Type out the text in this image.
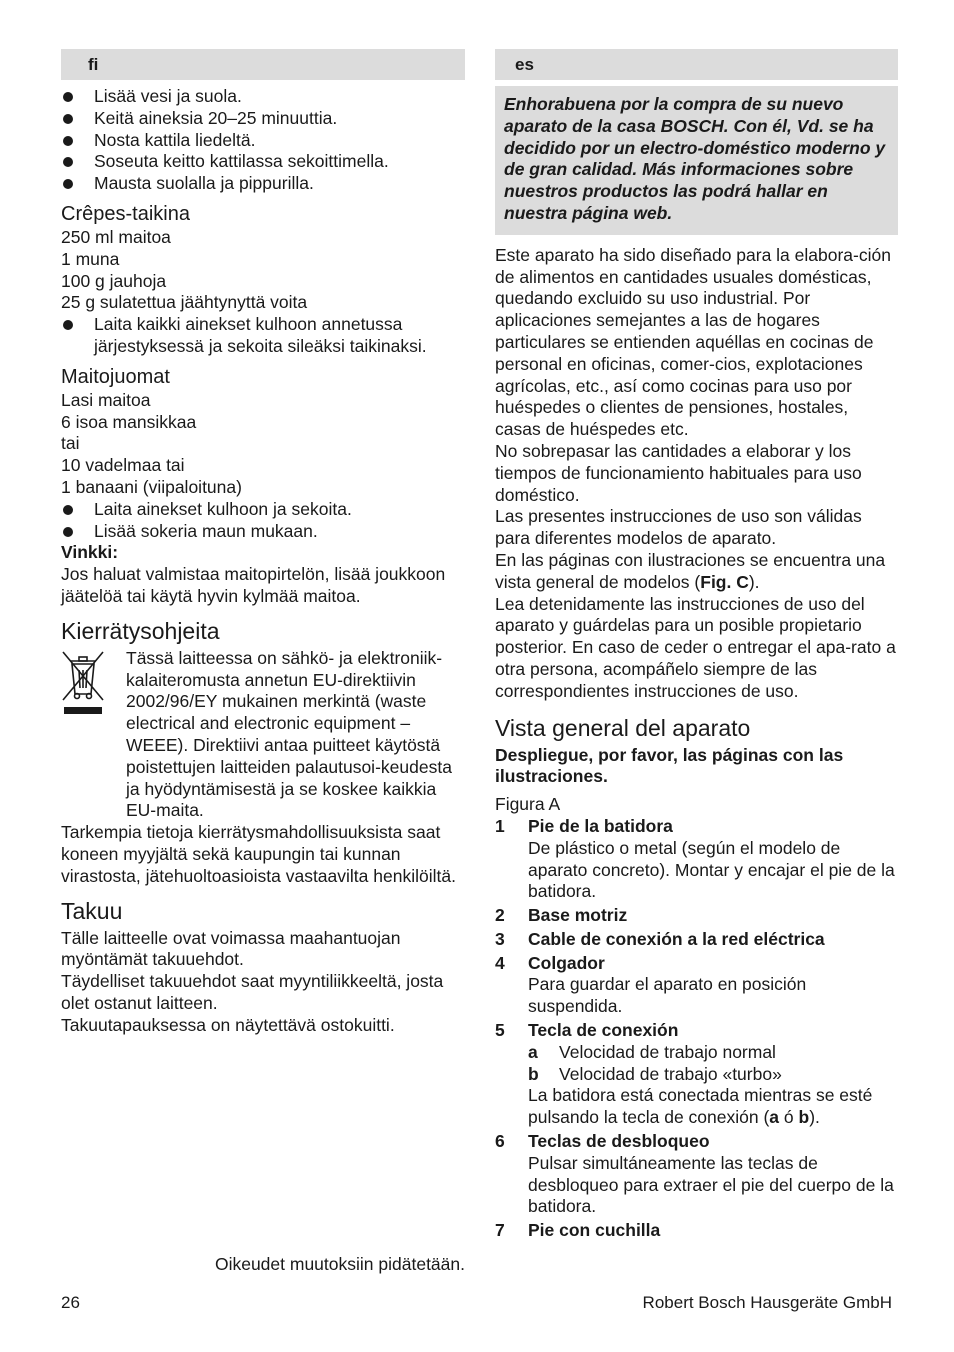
fi
Lisää vesi ja suola.
Keitä aineksia 20–25 minuuttia.
Nosta kattila liedeltä.
Soseuta keitto kattilassa sekoittimella.
Mausta suolalla ja pippurilla.
Crêpes-taikina

250 ml maitoa

1 muna

100 g jauhoja

25 g sulatettua jäähtynyttä voita

Laita kaikki ainekset kulhoon annetussa järjestyksessä ja sekoita sileäksi taikinaksi.
Maitojuomat

Lasi maitoa

6 isoa mansikkaa

tai

10 vadelmaa tai

1 banaani (viipaloituna)

Laita ainekset kulhoon ja sekoita.
Lisää sokeria maun mukaan.

Vinkki:

Jos haluat valmistaa maitopirtelön, lisää joukkoon jäätelöä tai käytä hyvin kylmää maitoa.

Kierrätysohjeita
Tässä laitteessa on sähkö- ja elektroniik-kalaiteromusta annetun EU-direktiivin 2002/96/EY mukainen merkintä (waste electrical and electronic equipment – WEEE). Direktiivi antaa puitteet käytöstä poistettujen laitteiden palautusoi-keudesta ja hyödyntämisestä ja se koskee kaikkia EU-maita.

Tarkempia tietoja kierrätysmahdollisuuksista saat koneen myyjältä sekä kaupungin tai kunnan virastosta, jätehuoltoasioista vastaavilta henkilöiltä.

Takuu

Tälle laitteelle ovat voimassa maahantuojan myöntämät takuuehdot.

Täydelliset takuuehdot saat myyntiliikkeeltä, josta olet ostanut laitteen.

Takuutapauksessa on näytettävä ostokuitti.

Oikeudet muutoksiin pidätetään.
es
Enhorabuena por la compra de su nuevo aparato de la casa BOSCH. Con él, Vd. se ha decidido por un electro-doméstico moderno y de gran calidad. Más informaciones sobre nuestros productos las podrá hallar en nuestra página web.

Este aparato ha sido diseñado para la elabora-ción de alimentos en cantidades usuales domésticas, quedando excluido su uso industrial. Por aplicaciones semejantes a las de hogares particulares se entienden aquéllas en cocinas de personal en oficinas, comer-cios, explotaciones agrícolas, etc., así como cocinas para uso por huéspedes o clientes de pensiones, hostales, casas de huéspedes etc.

No sobrepasar las cantidades a elaborar y los tiempos de funcionamiento habituales para uso doméstico.

Las presentes instrucciones de uso son válidas para diferentes modelos de aparato.

En las páginas con ilustraciones se encuentra una vista general de modelos (Fig. C).

Lea detenidamente las instrucciones de uso del aparato y guárdelas para un posible propietario posterior. En caso de ceder o entregar el apa-rato a otra persona, acompáñelo siempre de las correspondientes instrucciones de uso.

Vista general del aparato

Despliegue, por favor, las páginas con las ilustraciones.

Figura A

1	Pie de la batidora
De plástico o metal (según el modelo de aparato concreto). Montar y encajar el pie de la batidora.
2	Base motriz
3	Cable de conexión a la red eléctrica
4	Colgador
Para guardar el aparato en posición suspendida.
5	Tecla de conexión
a	Velocidad de trabajo normal
b	Velocidad de trabajo «turbo»
La batidora está conectada mientras se esté pulsando la tecla de conexión (a ó b).
6	Teclas de desbloqueo
Pulsar simultáneamente las teclas de desbloqueo para extraer el pie del cuerpo de la batidora.
7	Pie con cuchilla
26	Robert Bosch Hausgeräte GmbH
